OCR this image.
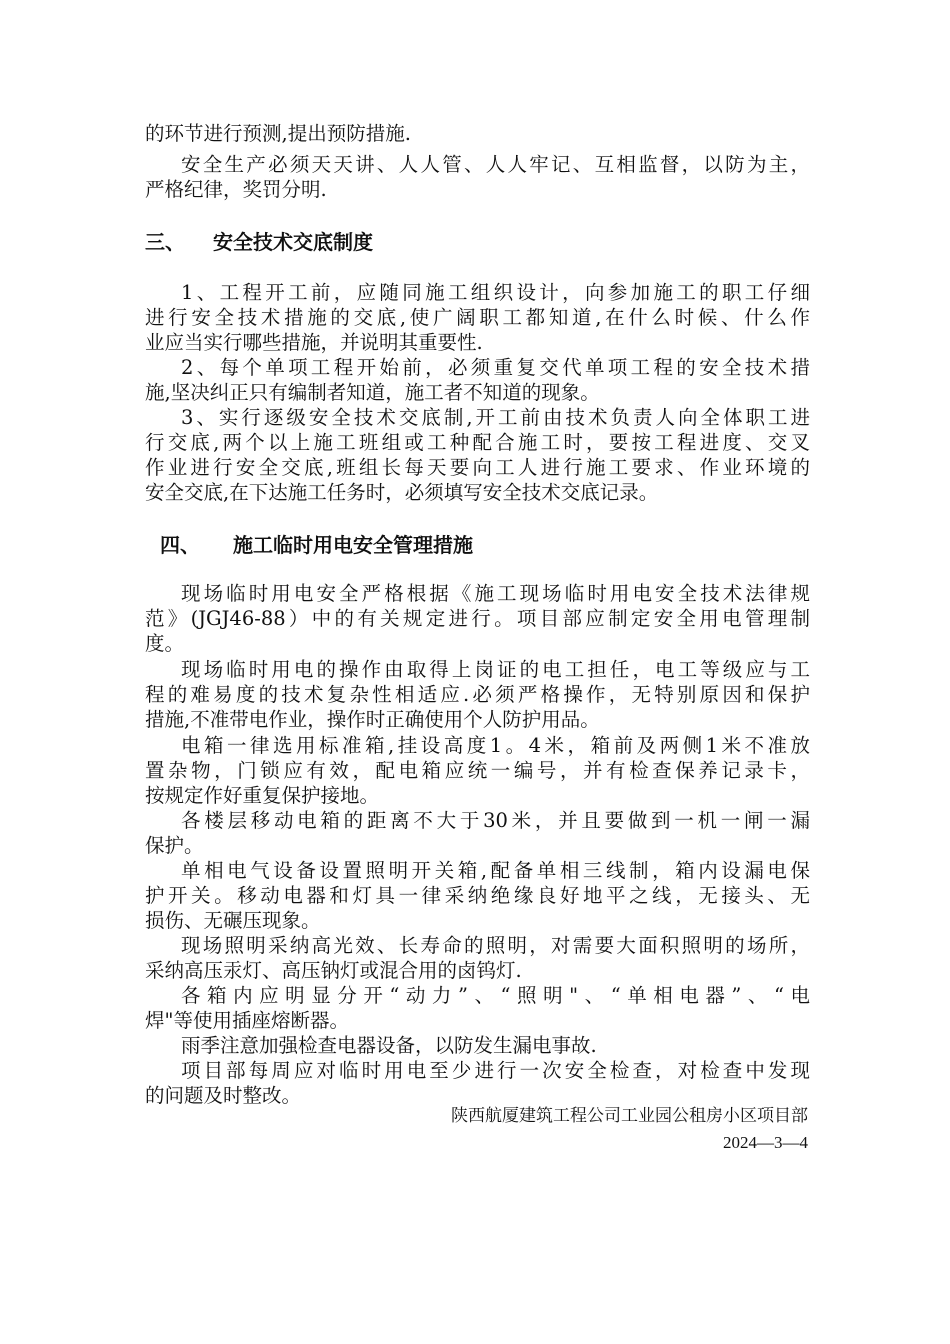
的环节进行预测,提出预防措施.
安全生产必须天天讲、人人管、人人牢记、互相监督，以防为主，
严格纪律，奖罚分明.
三、 安全技术交底制度
1、工程开工前，应随同施工组织设计，向参加施工的职工仔细
进行安全技术措施的交底,使广阔职工都知道,在什么时候、什么作
业应当实行哪些措施，并说明其重要性.
2、每个单项工程开始前，必须重复交代单项工程的安全技术措
施,坚决纠正只有编制者知道，施工者不知道的现象。
3、实行逐级安全技术交底制,开工前由技术负责人向全体职工进
行交底,两个以上施工班组或工种配合施工时，要按工程进度、交叉
作业进行安全交底,班组长每天要向工人进行施工要求、作业环境的
安全交底,在下达施工任务时，必须填写安全技术交底记录。
四、 施工临时用电安全管理措施
现场临时用电安全严格根据《施工现场临时用电安全技术法律规
范》(JGJ46-88）中的有关规定进行。项目部应制定安全用电管理制
度。
现场临时用电的操作由取得上岗证的电工担任，电工等级应与工
程的难易度的技术复杂性相适应.必须严格操作，无特别原因和保护
措施,不准带电作业，操作时正确使用个人防护用品。
电箱一律选用标准箱,挂设高度1。4米，箱前及两侧1米不准放
置杂物，门锁应有效，配电箱应统一编号，并有检查保养记录卡，
按规定作好重复保护接地。
各楼层移动电箱的距离不大于30米，并且要做到一机一闸一漏
保护。
单相电气设备设置照明开关箱,配备单相三线制，箱内设漏电保
护开关。移动电器和灯具一律采纳绝缘良好地平之线，无接头、无
损伤、无碾压现象。
现场照明采纳高光效、长寿命的照明，对需要大面积照明的场所，
采纳高压汞灯、高压钠灯或混合用的卤钨灯.
各箱内应明显分开“动力”、“照明"、“单相电器”、“电
焊"等使用插座熔断器。
雨季注意加强检查电器设备，以防发生漏电事故.
项目部每周应对临时用电至少进行一次安全检查，对检查中发现
的问题及时整改。
陕西航厦建筑工程公司工业园公租房小区项目部
2024—3—4
